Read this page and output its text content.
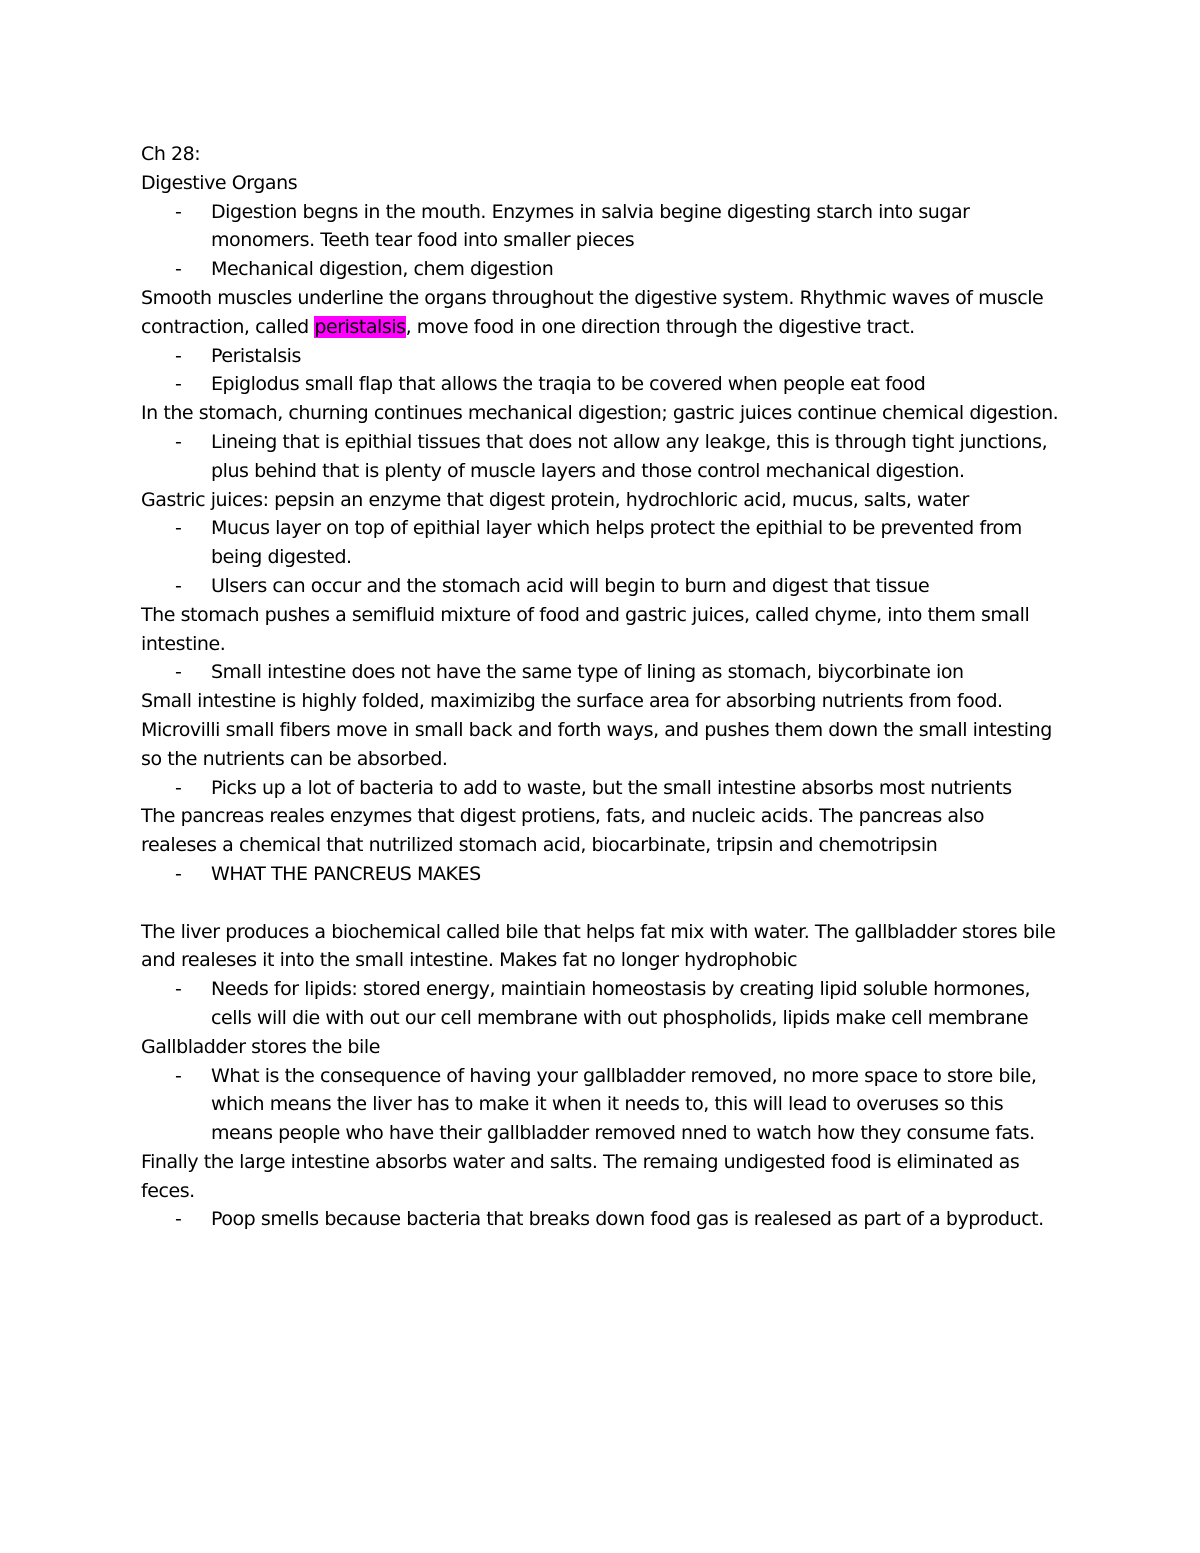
Ch 28:

Digestive Organs

- Digestion begns in the mouth. Enzymes in salvia begine digesting starch into sugar monomers. Teeth tear food into smaller pieces
- Mechanical digestion, chem digestion

Smooth muscles underline the organs throughout the digestive system. Rhythmic waves of muscle contraction, called peristalsis, move food in one direction through the digestive tract.

- Peristalsis
- Epiglodus small flap that allows the traqia to be covered when people eat food

In the stomach, churning continues mechanical digestion; gastric juices continue chemical digestion.

- Lineing that is epithial tissues that does not allow any leakge, this is through tight junctions, plus behind that is plenty of muscle layers and those control mechanical digestion.

Gastric juices: pepsin an enzyme that digest protein, hydrochloric acid, mucus, salts, water

- Mucus layer on top of epithial layer which helps protect the epithial to be prevented from being digested.
- Ulsers can occur and the stomach acid will begin to burn and digest that tissue

The stomach pushes a semifluid mixture of food and gastric juices, called chyme, into them small intestine.

- Small intestine does not have the same type of lining as stomach, biycorbinate ion

Small intestine is highly folded, maximizibg the surface area for absorbing nutrients from food. Microvilli small fibers move in small back and forth ways, and pushes them down the small intesting so the nutrients can be absorbed.

- Picks up a lot of bacteria to add to waste, but the small intestine absorbs most nutrients

The pancreas reales enzymes that digest protiens, fats, and nucleic acids. The pancreas also realeses a chemical that nutrilized stomach acid, biocarbinate, tripsin and chemotripsin

- WHAT THE PANCREUS MAKES

The liver produces a biochemical called bile that helps fat mix with water. The gallbladder stores bile and realeses it into the small intestine. Makes fat no longer hydrophobic

- Needs for lipids: stored energy, maintiain homeostasis by creating lipid soluble hormones, cells will die with out our cell membrane with out phospholids, lipids make cell membrane

Gallbladder stores the bile

- What is the consequence of having your gallbladder removed, no more space to store bile, which means the liver has to make it when it needs to, this will lead to overuses so this means people who have their gallbladder removed nned to watch how they consume fats.

Finally the large intestine absorbs water and salts. The remaing undigested food is eliminated as feces.

- Poop smells because bacteria that breaks down food gas is realesed as part of a byproduct.
